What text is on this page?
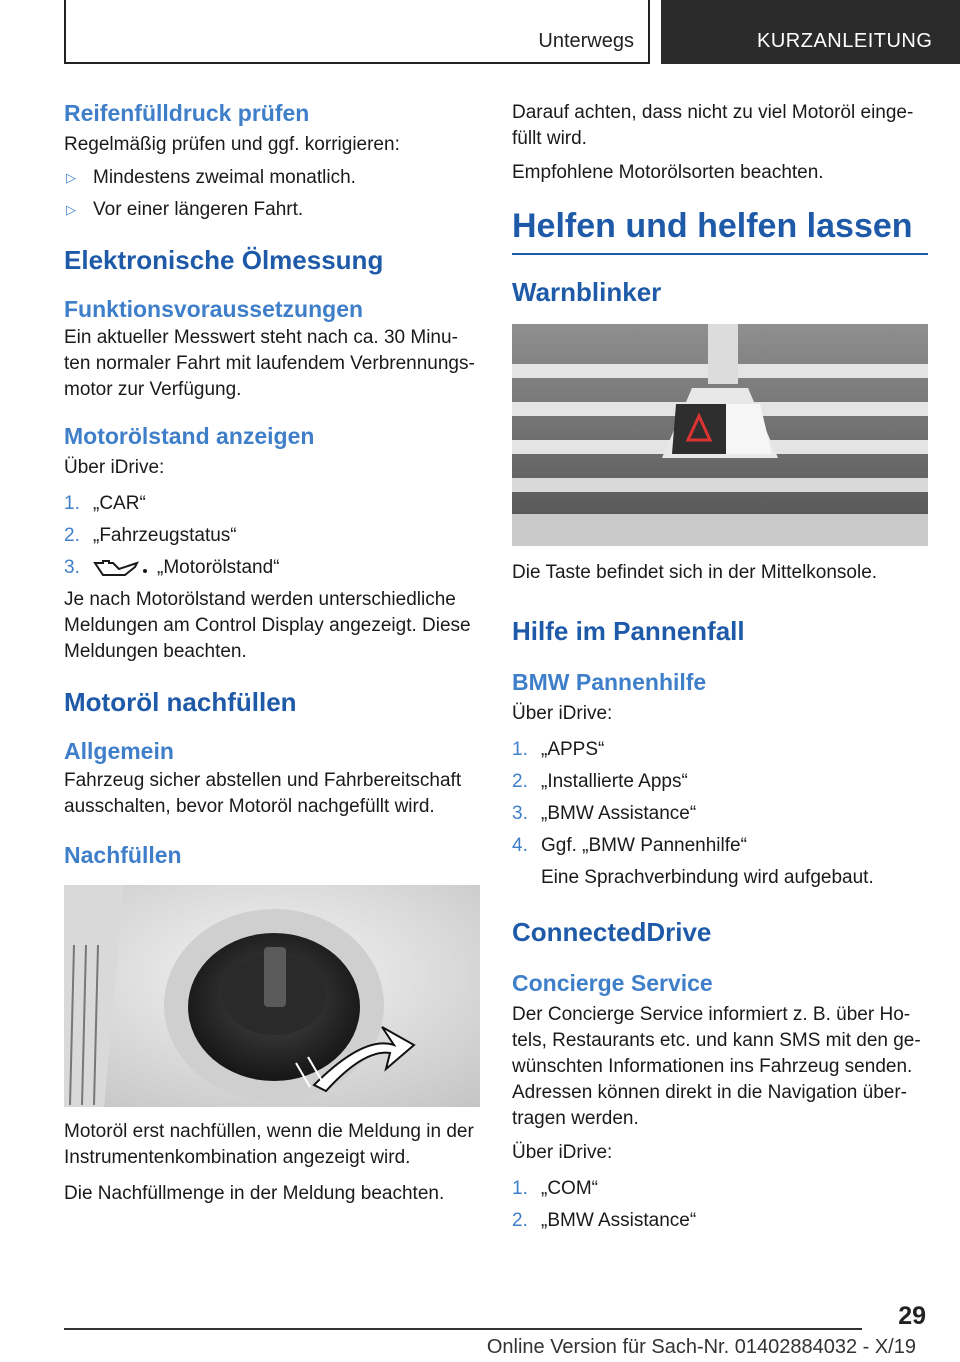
Unterwegs	KURZANLEITUNG
Reifenfülldruck prüfen
Regelmäßig prüfen und ggf. korrigieren:
▷ Mindestens zweimal monatlich.
▷ Vor einer längeren Fahrt.
Elektronische Ölmessung
Funktionsvoraussetzungen
Ein aktueller Messwert steht nach ca. 30 Minu-ten normaler Fahrt mit laufendem Verbrennungs-motor zur Verfügung.
Motorölstand anzeigen
Über iDrive:
1. „CAR“
2. „Fahrzeugstatus“
3.	„Motorölstand“
Je nach Motorölstand werden unterschiedliche Meldungen am Control Display angezeigt. Diese Meldungen beachten.
Motoröl nachfüllen
Allgemein
Fahrzeug sicher abstellen und Fahrbereitschaft ausschalten, bevor Motoröl nachgefüllt wird.
Nachfüllen
Motoröl erst nachfüllen, wenn die Meldung in der Instrumentenkombination angezeigt wird.
Die Nachfüllmenge in der Meldung beachten.
Darauf achten, dass nicht zu viel Motoröl einge-füllt wird.
Empfohlene Motorölsorten beachten.
Helfen und helfen lassen
Warnblinker
Die Taste befindet sich in der Mittelkonsole.
Hilfe im Pannenfall
BMW Pannenhilfe
Über iDrive:
1. „APPS“
2. „Installierte Apps“
3. „BMW Assistance“
4. Ggf. „BMW Pannenhilfe“
Eine Sprachverbindung wird aufgebaut.
ConnectedDrive
Concierge Service
Der Concierge Service informiert z. B. über Ho-tels, Restaurants etc. und kann SMS mit den ge-wünschten Informationen ins Fahrzeug senden. Adressen können direkt in die Navigation über-tragen werden.
Über iDrive:
1. „COM“
2. „BMW Assistance“
29
Online Version für Sach-Nr. 01402884032 - X/19
